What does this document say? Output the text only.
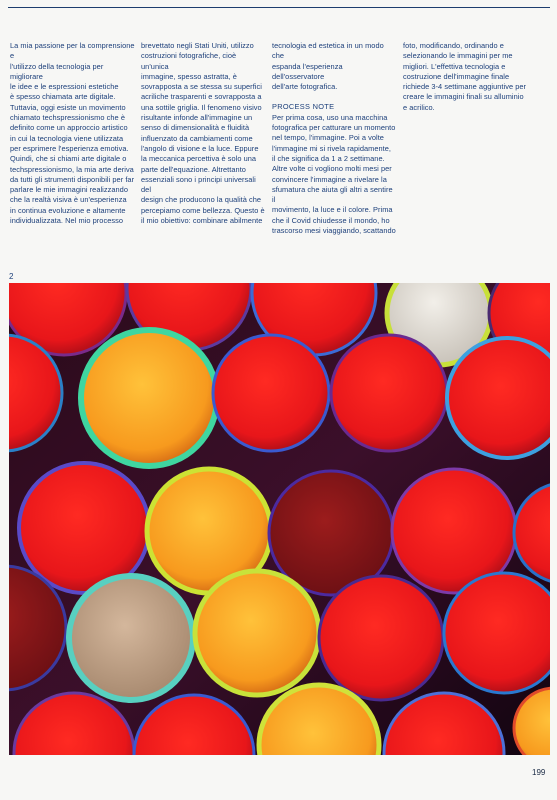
La mia passione per la comprensione e
l'utilizzo della tecnologia per migliorare
le idee e le espressioni estetiche
è spesso chiamata arte digitale.
Tuttavia, oggi esiste un movimento
chiamato techspressionismo che è
definito come un approccio artistico
in cui la tecnologia viene utilizzata
per esprimere l'esperienza emotiva.
Quindi, che si chiami arte digitale o
techspressionismo, la mia arte deriva
da tutti gli strumenti disponibili per far
parlare le mie immagini realizzando
che la realtà visiva è un'esperienza
in continua evoluzione e altamente
individualizzata. Nel mio processo

brevettato negli Stati Uniti, utilizzo
costruzioni fotografiche, cioè un'unica
immagine, spesso astratta, è
sovrapposta a se stessa su superfici
acriliche trasparenti e sovrapposta a
una sottile griglia. Il fenomeno visivo
risultante infonde all'immagine un
senso di dimensionalità e fluidità
influenzato da cambiamenti come
l'angolo di visione e la luce. Eppure
la meccanica percettiva è solo una
parte dell'equazione. Altrettanto
essenziali sono i principi universali del
design che producono la qualità che
percepiamo come bellezza. Questo è
il mio obiettivo: combinare abilmente

tecnologia ed estetica in un modo che
espanda l'esperienza dell'osservatore
dell'arte fotografica.

PROCESS NOTE

Per prima cosa, uso una macchina
fotografica per catturare un momento
nel tempo, l'immagine. Poi a volte
l'immagine mi si rivela rapidamente,
il che significa da 1 a 2 settimane.
Altre volte ci vogliono molti mesi per
convincere l'immagine a rivelare la
sfumatura che aiuta gli altri a sentire il
movimento, la luce e il colore. Prima
che il Covid chiudesse il mondo, ho
trascorso mesi viaggiando, scattando

foto, modificando, ordinando e
selezionando le immagini per me
migliori. L'effettiva tecnologia e
costruzione dell'immagine finale
richiede 3-4 settimane aggiuntive per
creare le immagini finali su alluminio
e acrilico.

2
199
